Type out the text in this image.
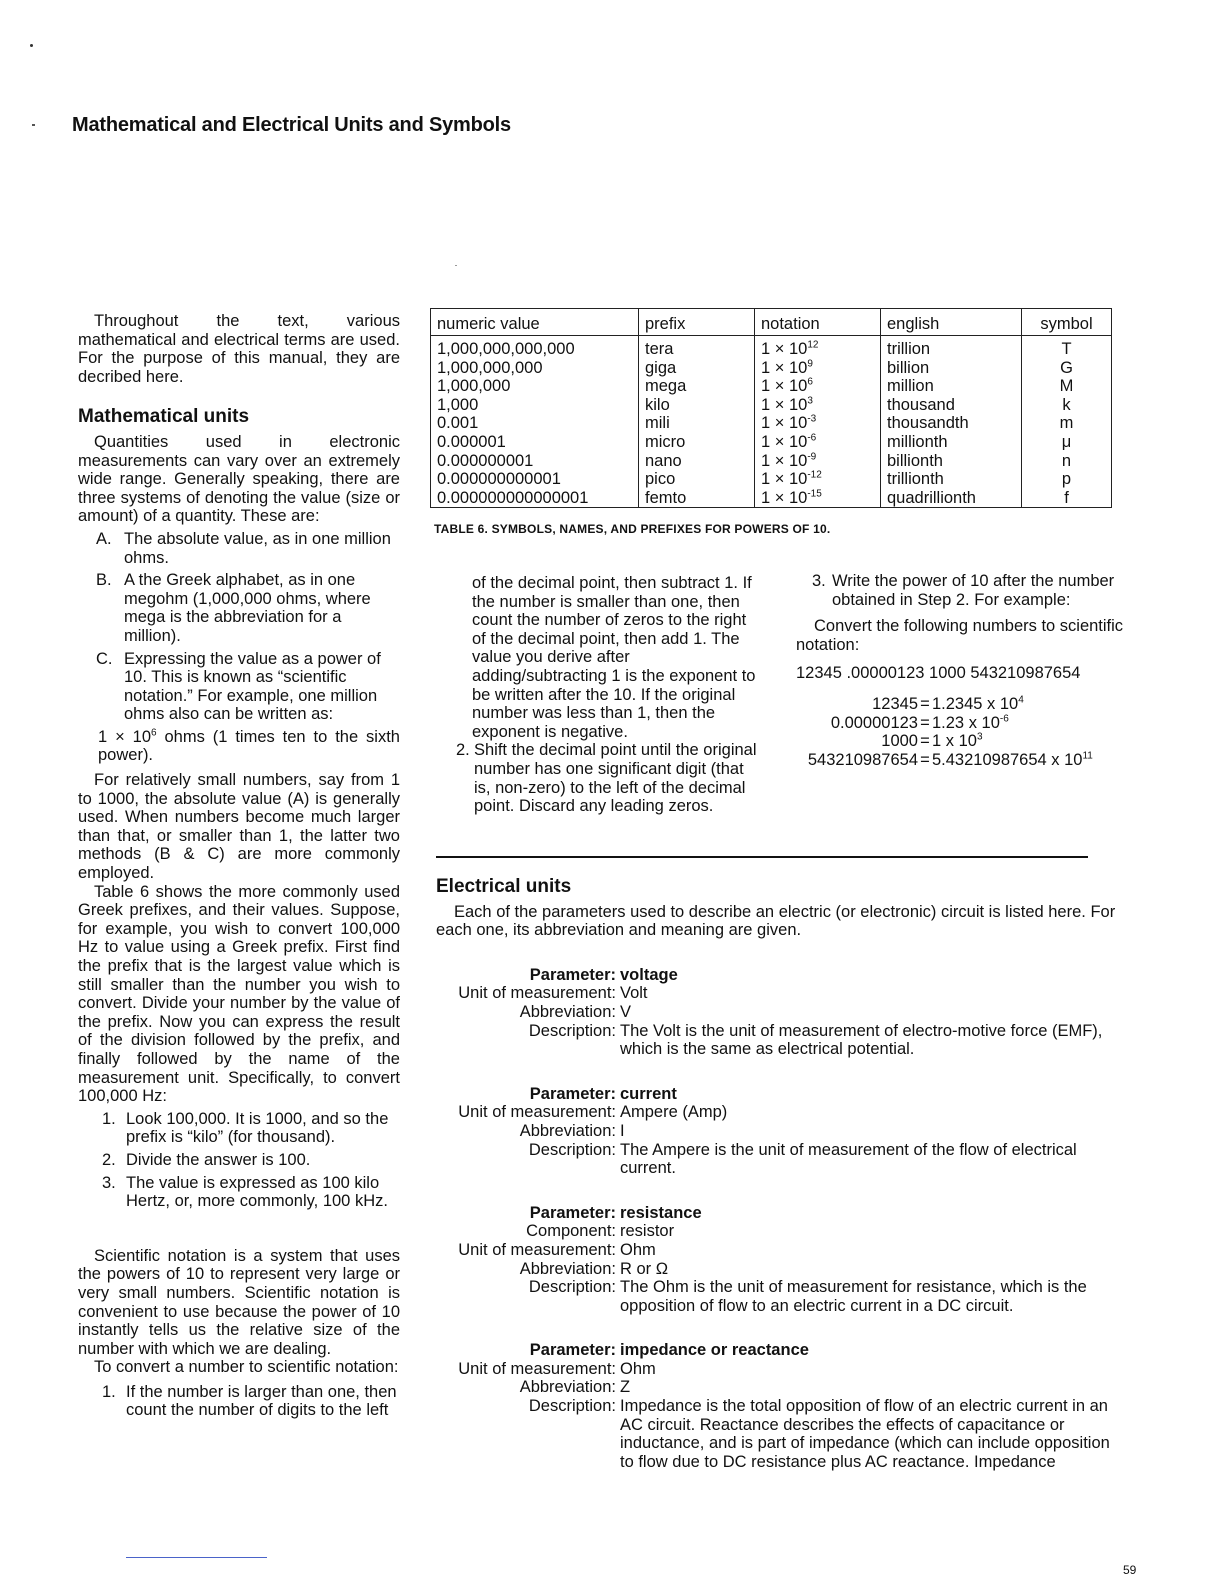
Mathematical and Electrical Units and Symbols

Throughout the text, various mathematical and electrical terms are used. For the purpose of this manual, they are decribed here.

Mathematical units

Quantities used in electronic measurements can vary over an extremely wide range. Generally speaking, there are three systems of denoting the value (size or amount) of a quantity. These are:

A. The absolute value, as in one million ohms.
B. A the Greek alphabet, as in one megohm (1,000,000 ohms, where mega is the abbreviation for a million).
C. Expressing the value as a power of 10. This is known as “scientific notation.” For example, one million ohms also can be written as:

$1 \times 10^6$ ohms (1 times ten to the sixth power).

For relatively small numbers, say from 1 to 1000, the absolute value (A) is generally used. When numbers become much larger than that, or smaller than 1, the latter two methods (B & C) are more commonly employed.

Table 6 shows the more commonly used Greek prefixes, and their values. Suppose, for example, you wish to convert 100,000 Hz to value using a Greek prefix. First find the prefix that is the largest value which is still smaller than the number you wish to convert. Divide your number by the value of the prefix. Now you can express the result of the division followed by the prefix, and finally followed by the name of the measurement unit. Specifically, to convert 100,000 Hz:

1. Look 100,000. It is 1000, and so the prefix is “kilo” (for thousand).
2. Divide the answer is 100.
3. The value is expressed as 100 kilo Hertz, or, more commonly, 100 kHz.

Scientific notation is a system that uses the powers of 10 to represent very large or very small numbers. Scientific notation is convenient to use because the power of 10 instantly tells us the relative size of the number with which we are dealing.

To convert a number to scientific notation:

1. If the number is larger than one, then count the number of digits to the left
numeric value	prefix	notation	english	symbol
1,000,000,000,000	tera	$1 \times 10^{12}$	trillion	T
1,000,000,000	giga	$1 \times 10^9$	billion	G
1,000,000	mega	$1 \times 10^6$	million	M
1,000	kilo	$1 \times 10^3$	thousand	k
0.001	mili	$1 \times 10^{-3}$	thousandth	m
0.000001	micro	$1 \times 10^{-6}$	millionth	μ
0.000000001	nano	$1 \times 10^{-9}$	billionth	n
0.000000000001	pico	$1 \times 10^{-12}$	trillionth	p
0.000000000000001	femto	$1 \times 10^{-15}$	quadrillionth	f
TABLE 6. SYMBOLS, NAMES, AND PREFIXES FOR POWERS OF 10.

of the decimal point, then subtract 1. If the number is smaller than one, then count the number of zeros to the right of the decimal point, then add 1. The value you derive after adding/subtracting 1 is the exponent to be written after the 10. If the original number was less than 1, then the exponent is negative.

2. Shift the decimal point until the original number has one significant digit (that is, non-zero) to the left of the decimal point. Discard any leading zeros.
3. Write the power of 10 after the number obtained in Step 2. For example:

Convert the following numbers to scientific notation:

12345 .00000123 1000 543210987654

12345 = 1.2345 x $10^4$
0.00000123 = 1.23 x $10^{-6}$
1000 = 1 x $10^3$
543210987654 = 5.43210987654 x $10^{11}$
Electrical units

Each of the parameters used to describe an electric (or electronic) circuit is listed here. For each one, its abbreviation and meaning are given.

Parameter: voltage
Unit of measurement: Volt
Abbreviation: V
Description: The Volt is the unit of measurement of electro-motive force (EMF), which is the same as electrical potential.
Parameter: current
Unit of measurement: Ampere (Amp)
Abbreviation: I
Description: The Ampere is the unit of measurement of the flow of electrical current.
Parameter: resistance
Component: resistor
Unit of measurement: Ohm
Abbreviation: R or Ω
Description: The Ohm is the unit of measurement for resistance, which is the opposition of flow to an electric current in a DC circuit.
Parameter: impedance or reactance
Unit of measurement: Ohm
Abbreviation: Z
Description: Impedance is the total opposition of flow of an electric current in an AC circuit. Reactance describes the effects of capacitance or inductance, and is part of impedance (which can include opposition to flow due to DC resistance plus AC reactance. Impedance
59
